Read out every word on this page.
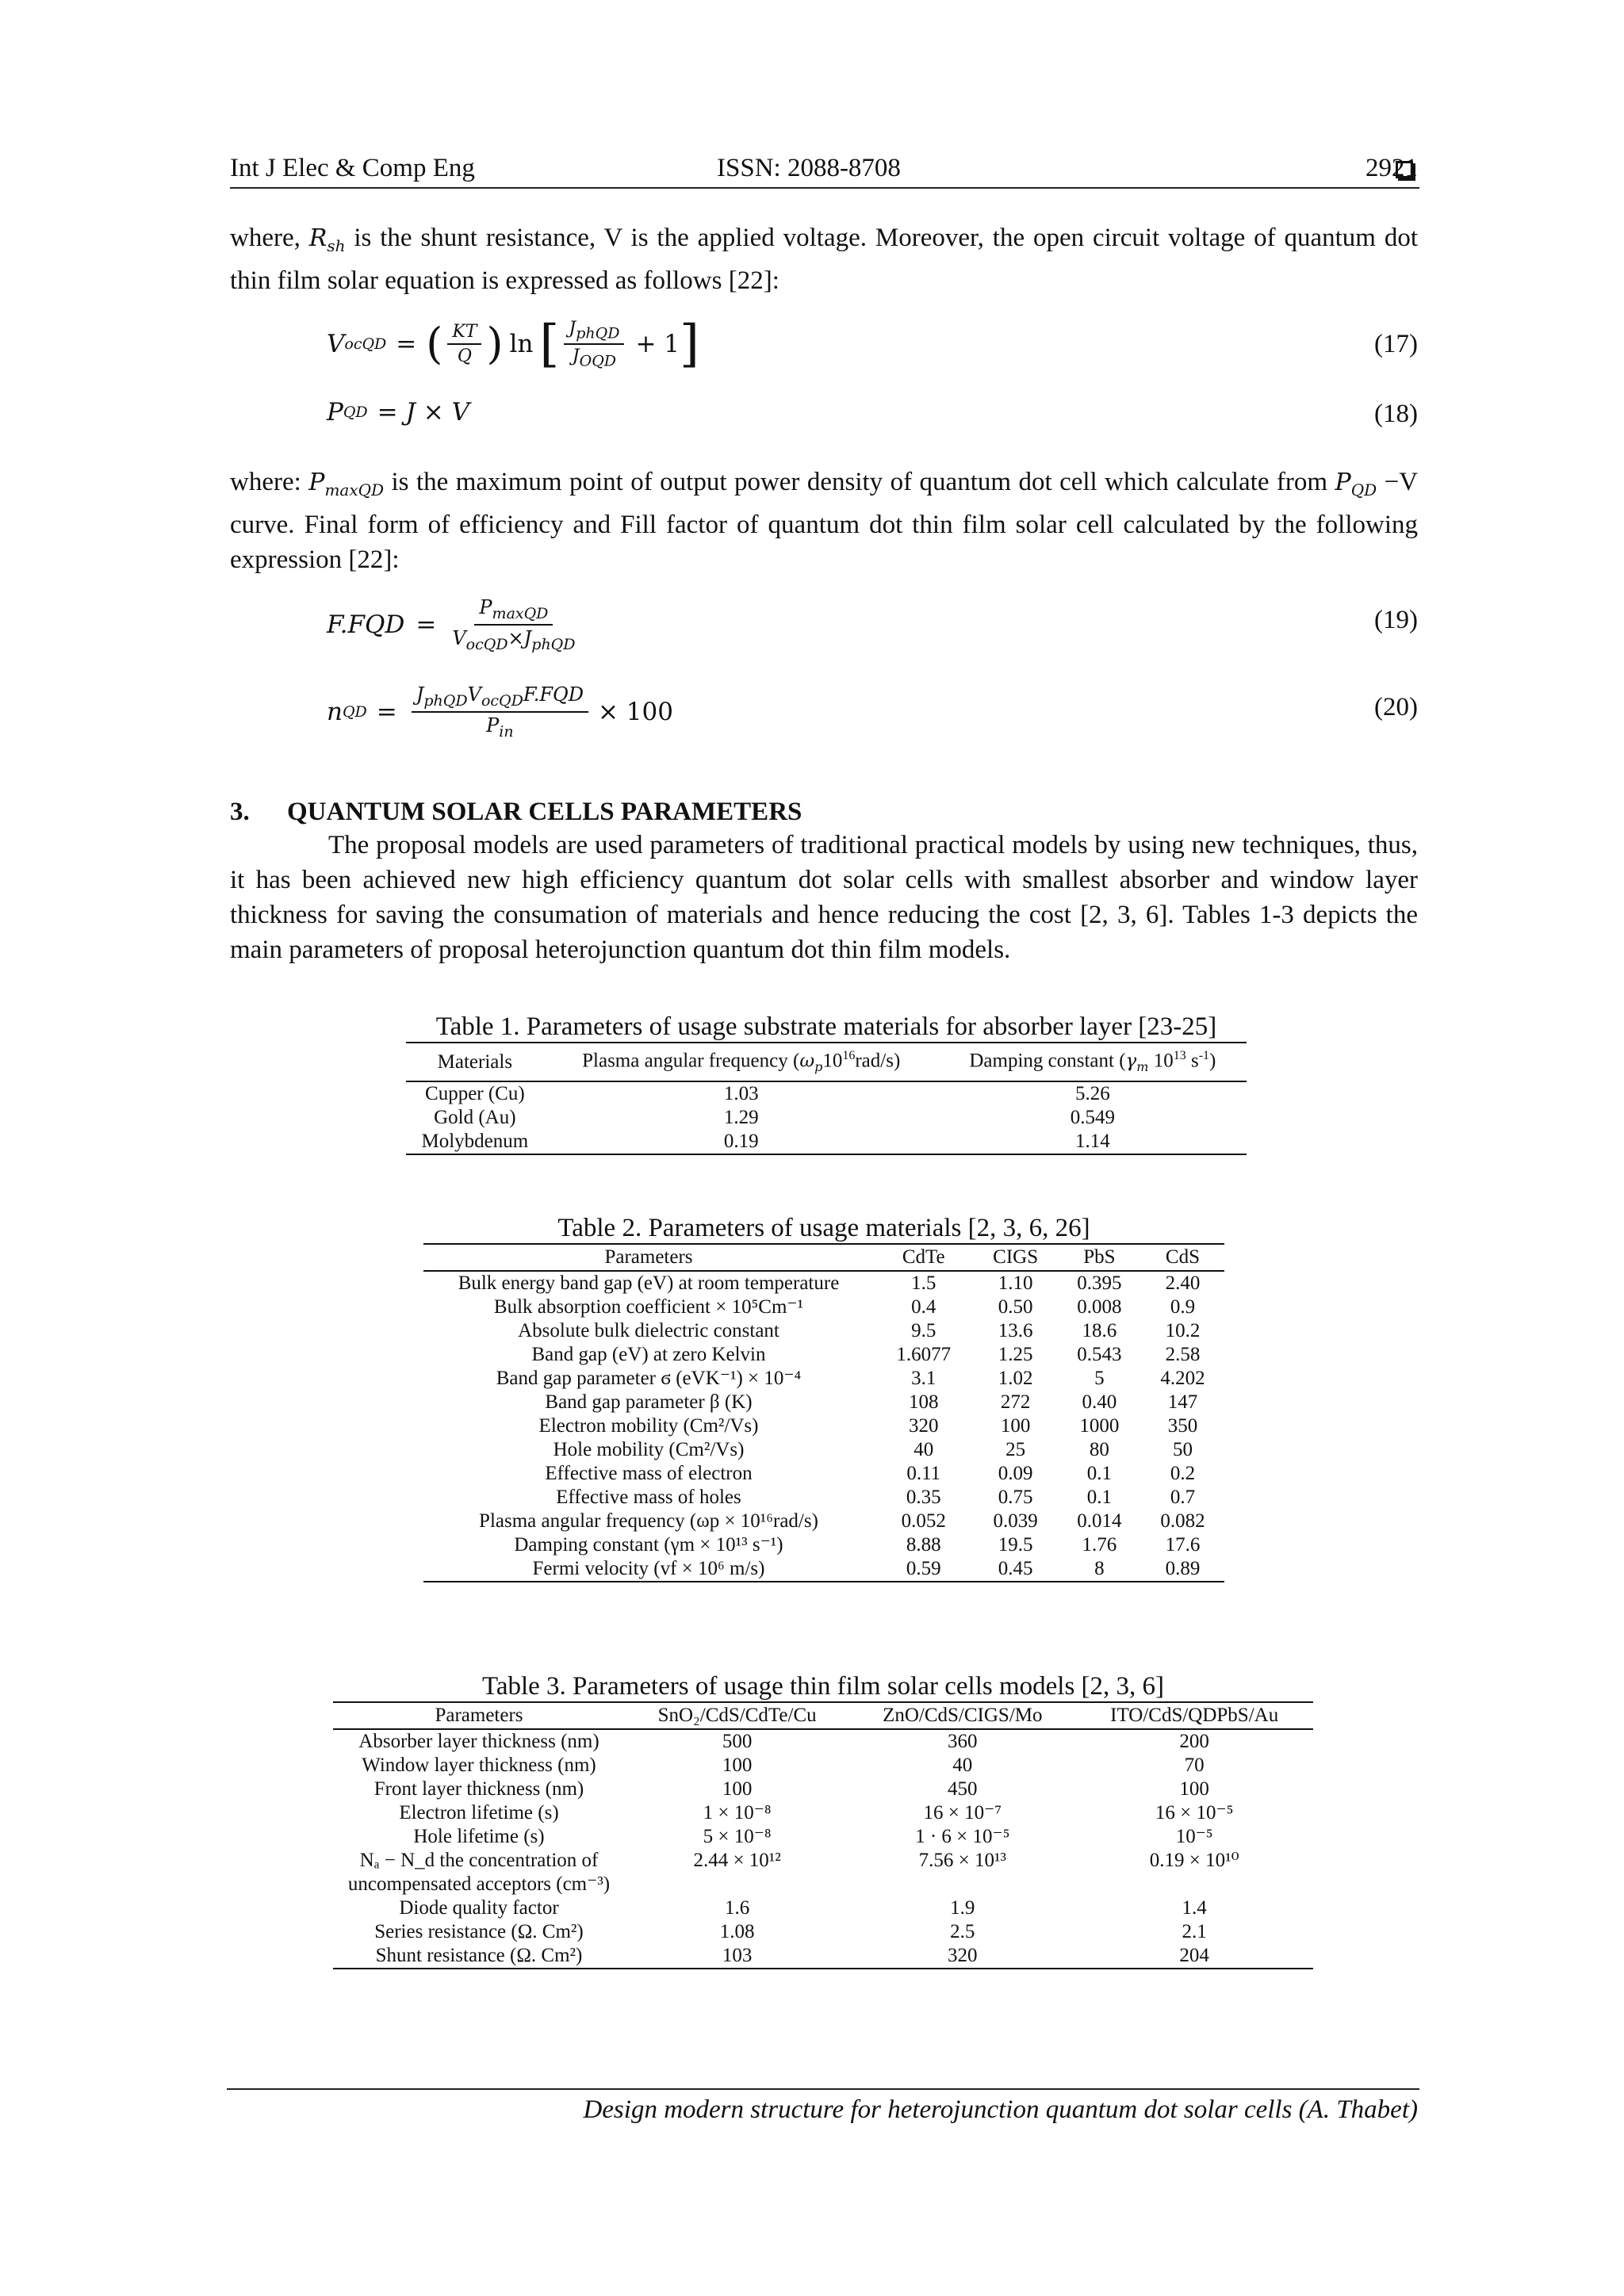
Int J Elec & Comp Eng	ISSN: 2088-8708	2921
where, $R_{sh}$ is the shunt resistance, V is the applied voltage. Moreover, the open circuit voltage of quantum dot thin film solar equation is expressed as follows [22]:
V ocQD = ( $\frac{KT}{Q}$ ) ln [ $\frac{J_{phQD}}{J_{OQD}} + 1$ ]	(17)
P QD = J × V	(18)
where: $P_{maxQD}$ is the maximum point of output power density of quantum dot cell which calculate from $P_{QD} -V$ curve. Final form of efficiency and Fill factor of quantum dot thin film solar cell calculated by the following expression [22]:
$F.FQD = \frac{P_{maxQD}}{V_{ocQD}\times J_{phQD}}$	(19)
n QD = $\frac{J_{phQD}V_{ocQD}F.FQD}{P_{in}} \times 100$	(20)
3. QUANTUM SOLAR CELLS PARAMETERS
The proposal models are used parameters of traditional practical models by using new techniques, thus, it has been achieved new high efficiency quantum dot solar cells with smallest absorber and window layer thickness for saving the consumation of materials and hence reducing the cost [2, 3, 6]. Tables 1-3 depicts the main parameters of proposal heterojunction quantum dot thin film models.
Table 1. Parameters of usage substrate materials for absorber layer [23-25]
Materials	Plasma angular frequency $(\omega_p10^{16}rad/s)$	Damping constant ($\gamma_m$ $10^{13}$ $s^{-1}$)
Cupper (Cu)	1.03	5.26
Gold (Au)	1.29	0.549
Molybdenum	0.19	1.14
Table 2. Parameters of usage materials [2, 3, 6, 26]
Parameters	CdTe	CIGS	PbS	CdS
Bulk energy band gap (eV) at room temperature	1.5	1.10	0.395	2.40
Bulk absorption coefficient × 10⁵Cm⁻¹	0.4	0.50	0.008	0.9
Absolute bulk dielectric constant	9.5	13.6	18.6	10.2
Band gap (eV) at zero Kelvin	1.6077	1.25	0.543	2.58
Band gap parameter ϭ (eVK⁻¹) × 10⁻⁴	3.1	1.02	5	4.202
Band gap parameter β (K)	108	272	0.40	147
Electron mobility (Cm²/Vs)	320	100	1000	350
Hole mobility (Cm²/Vs)	40	25	80	50
Effective mass of electron	0.11	0.09	0.1	0.2
Effective mass of holes	0.35	0.75	0.1	0.7
Plasma angular frequency (ωp × 10¹⁶rad/s)	0.052	0.039	0.014	0.082
Damping constant (γm × 10¹³ s⁻¹)	8.88	19.5	1.76	17.6
Fermi velocity (vf × 10⁶ m/s)	0.59	0.45	8	0.89
Table 3. Parameters of usage thin film solar cells models [2, 3, 6]
Parameters	SnO₂/CdS/CdTe/Cu	ZnO/CdS/CIGS/Mo	ITO/CdS/QDPbS/Au
Absorber layer thickness (nm)	500	360	200
Window layer thickness (nm)	100	40	70
Front layer thickness (nm)	100	450	100
Electron lifetime (s)	1 × 10⁻⁸	16 × 10⁻⁷	16 × 10⁻⁵
Hole lifetime (s)	5 × 10⁻⁸	1 · 6 × 10⁻⁵	10⁻⁵
Nₐ − N_d the concentration of	2.44 × 10¹²	7.56 × 10¹³	0.19 × 10¹⁰
uncompensated acceptors (cm⁻³)			
Diode quality factor	1.6	1.9	1.4
Series resistance (Ω. Cm²)	1.08	2.5	2.1
Shunt resistance (Ω. Cm²)	103	320	204
Design modern structure for heterojunction quantum dot solar cells (A. Thabet)
